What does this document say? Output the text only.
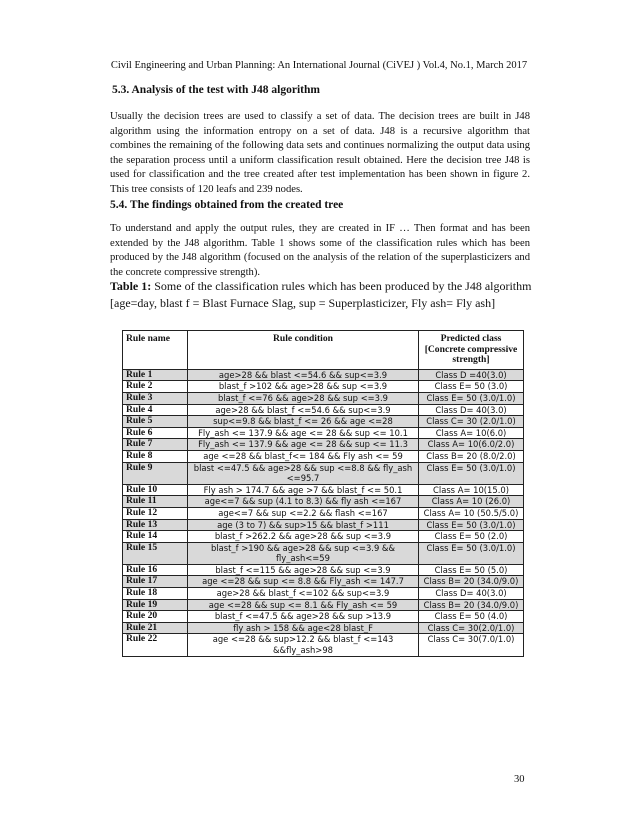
Civil Engineering and Urban Planning: An International Journal (CiVEJ ) Vol.4, No.1, March 2017
5.3. Analysis of the test with J48 algorithm

Usually the decision trees are used to classify a set of data. The decision trees are built in J48 algorithm using the information entropy on a set of data. J48 is a recursive algorithm that combines the remaining of the following data sets and continues normalizing the output data using the separation process until a uniform classification result obtained. Here the decision tree J48 is used for classification and the tree created after test implementation has been shown in figure 2. This tree consists of 120 leafs and 239 nodes.

5.4. The findings obtained from the created tree

To understand and apply the output rules, they are created in IF … Then format and has been extended by the J48 algorithm. Table 1 shows some of the classification rules which has been produced by the J48 algorithm (focused on the analysis of the relation of the superplasticizers and the concrete compressive strength).

Table 1: Some of the classification rules which has been produced by the J48 algorithm [age=day, blast f = Blast Furnace Slag, sup = Superplasticizer, Fly ash= Fly ash]

Rule name	Rule condition	Predicted class [Concrete compressive strength]
Rule 1	age>28 && blast <=54.6 && sup<=3.9	Class D =40(3.0)
Rule 2	blast_f >102 && age>28 && sup <=3.9	Class E= 50 (3.0)
Rule 3	blast_f <=76 && age>28 && sup <=3.9	Class E= 50 (3.0/1.0)
Rule 4	age>28 && blast_f <=54.6 && sup<=3.9	Class D= 40(3.0)
Rule 5	sup<=9.8 && blast_f <= 26 && age <=28	Class C= 30 (2.0/1.0)
Rule 6	Fly_ash <= 137.9 && age <= 28 && sup <= 10.1	Class A= 10(6.0)
Rule 7	Fly_ash <= 137.9 && age <= 28 && sup <= 11.3	Class A= 10(6.0/2.0)
Rule 8	age <=28 && blast_f<= 184 && Fly ash <= 59	Class B= 20 (8.0/2.0)
Rule 9	blast <=47.5 && age>28 && sup <=8.8 && fly_ash <=95.7	Class E= 50 (3.0/1.0)
Rule 10	Fly ash > 174.7 && age >7 && blast_f <= 50.1	Class A= 10(15.0)
Rule 11	age<=7 && sup (4.1 to 8.3) && fly ash <=167	Class A= 10 (26.0)
Rule 12	age<=7 && sup <=2.2 && flash <=167	Class A= 10 (50.5/5.0)
Rule 13	age (3 to 7) && sup>15 && blast_f >111	Class E= 50 (3.0/1.0)
Rule 14	blast_f >262.2 && age>28 && sup <=3.9	Class E= 50 (2.0)
Rule 15	blast_f >190 && age>28 && sup <=3.9 && fly_ash<=59	Class E= 50 (3.0/1.0)
Rule 16	blast_f <=115 && age>28 && sup <=3.9	Class E= 50 (5.0)
Rule 17	age <=28 && sup <= 8.8 && Fly_ash <= 147.7	Class B= 20 (34.0/9.0)
Rule 18	age>28 && blast_f <=102 && sup<=3.9	Class D= 40(3.0)
Rule 19	age <=28 && sup <= 8.1 && Fly_ash <= 59	Class B= 20 (34.0/9.0)
Rule 20	blast_f <=47.5 && age>28 && sup >13.9	Class E= 50 (4.0)
Rule 21	fly ash > 158 && age<28 blast_F	Class C= 30(2.0/1.0)
Rule 22	age <=28 && sup>12.2 && blast_f <=143 &&fly_ash>98	Class C= 30(7.0/1.0)
30
